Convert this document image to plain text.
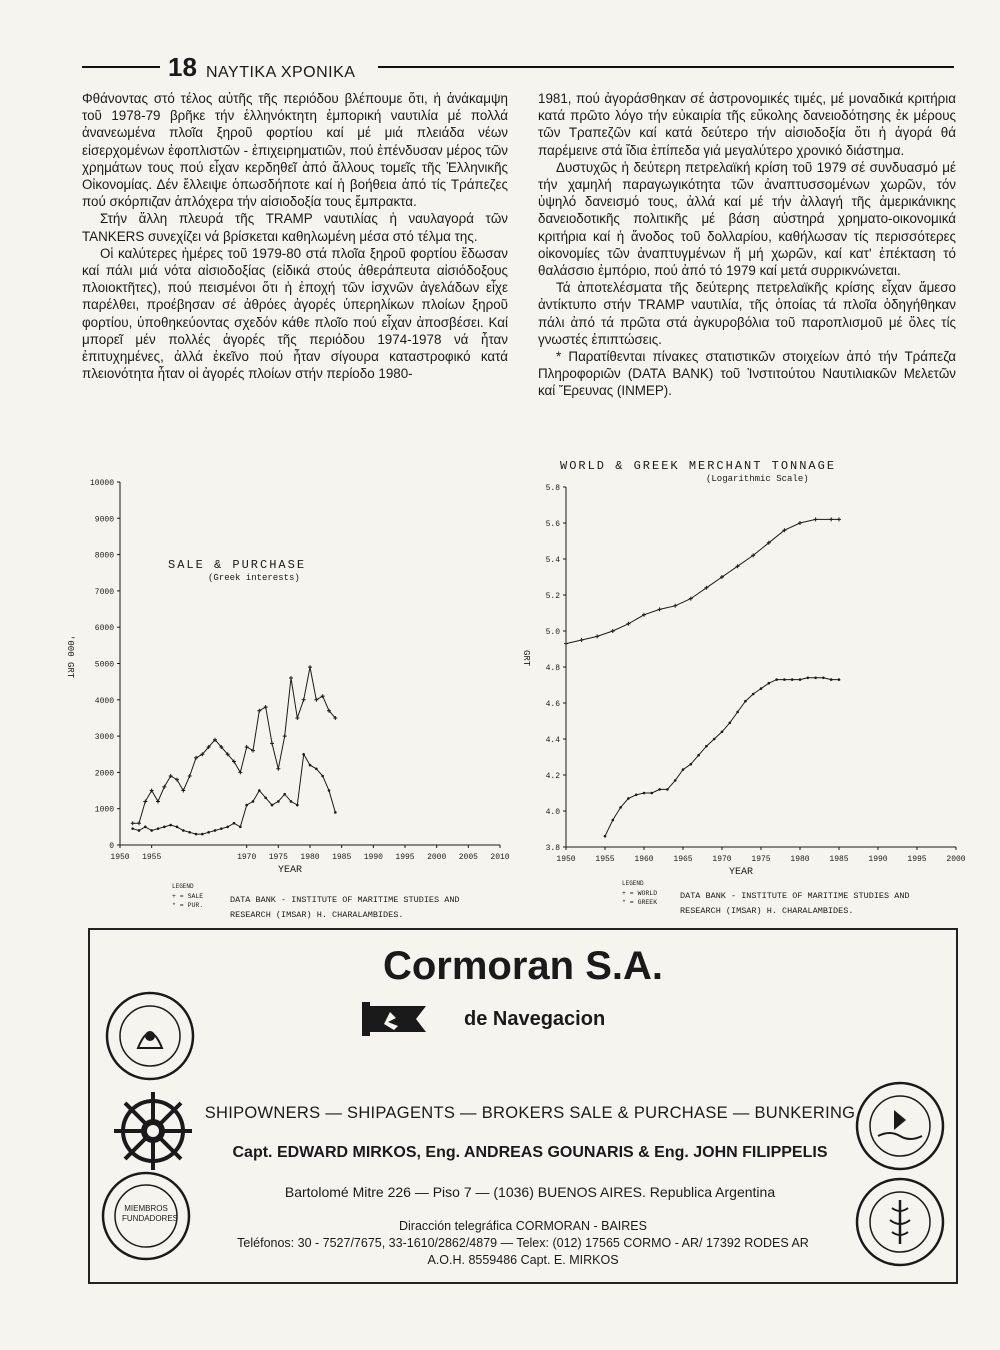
18 ΝΑΥΤΙΚΑ ΧΡΟΝΙΚΑ

Φθάνοντας στό τέλος αὐτῆς τῆς περιόδου βλέπουμε ὅτι, ἡ ἀνάκαμψη τοῦ 1978-79 βρῆκε τήν ἑλληνόκτητη ἐμπορική ναυτιλία μέ πολλά ἀνανεωμένα πλοῖα ξηροῦ φορτίου καί μέ μιά πλειάδα νέων εἰσερχομένων ἐφοπλιστῶν - ἐπιχειρηματιῶν, πού ἐπένδυσαν μέρος τῶν χρημάτων τους πού εἶχαν κερδηθεῖ ἀπό ἄλλους τομεῖς τῆς Ἑλληνικῆς Οἰκονομίας. Δέν ἔλλειψε ὁπωσδήποτε καί ἡ βοήθεια ἀπό τίς Τράπεζες πού σκόρπιζαν ἁπλόχερα τήν αἰσιοδοξία τους ἔμπρακτα.

Στήν ἄλλη πλευρά τῆς TRAMP ναυτιλίας ἡ ναυλαγορά τῶν TANKERS συνεχίζει νά βρίσκεται καθηλωμένη μέσα στό τέλμα της.

Οἱ καλύτερες ἡμέρες τοῦ 1979-80 στά πλοῖα ξηροῦ φορτίου ἔδωσαν καί πάλι μιά νότα αἰσιοδοξίας (εἰδικά στούς ἀθεράπευτα αἰσιόδοξους πλοιοκτῆτες), πού πεισμένοι ὅτι ἡ ἐποχή τῶν ἰσχνῶν ἀγελάδων εἶχε παρέλθει, προέβησαν σέ ἀθρόες ἀγορές ὑπερηλίκων πλοίων ξηροῦ φορτίου, ὑποθηκεύοντας σχεδόν κάθε πλοῖο πού εἶχαν ἀποσβέσει. Καί μπορεῖ μέν πολλές ἀγορές τῆς περιόδου 1974-1978 νά ἦταν ἐπιτυχημένες, ἀλλά ἐκεῖνο πού ἦταν σίγουρα καταστροφικό κατά πλειονότητα ἦταν οἱ ἀγορές πλοίων στήν περίοδο 1980-

1981, πού ἀγοράσθηκαν σέ ἀστρονομικές τιμές, μέ μοναδικά κριτήρια κατά πρῶτο λόγο τήν εὐκαιρία τῆς εὔκολης δανειοδότησης ἐκ μέρους τῶν Τραπεζῶν καί κατά δεύτερο τήν αἰσιοδοξία ὅτι ἡ ἀγορά θά παρέμεινε στά ἴδια ἐπίπεδα γιά μεγαλύτερο χρονικό διάστημα.

Δυστυχῶς ἡ δεύτερη πετρελαϊκή κρίση τοῦ 1979 σέ συνδυασμό μέ τήν χαμηλή παραγωγικότητα τῶν ἀναπτυσσομένων χωρῶν, τόν ὑψηλό δανεισμό τους, ἀλλά καί μέ τήν ἀλλαγή τῆς ἀμερικάνικης δανειοδοτικῆς πολιτικῆς μέ βάση αὐστηρά χρηματο-οικονομικά κριτήρια καί ἡ ἄνοδος τοῦ δολλαρίου, καθήλωσαν τίς περισσότερες οἰκονομίες τῶν ἀναπτυγμένων ἤ μή χωρῶν, καί κατ' ἐπέκταση τό θαλάσσιο ἐμπόριο, πού ἀπό τό 1979 καί μετά συρρικνώνεται.

Τά ἀποτελέσματα τῆς δεύτερης πετρελαϊκῆς κρίσης εἶχαν ἄμεσο ἀντίκτυπο στήν TRAMP ναυτιλία, τῆς ὁποίας τά πλοῖα ὁδηγήθηκαν πάλι ἀπό τά πρῶτα στά ἀγκυροβόλια τοῦ παροπλισμοῦ μέ ὅλες τίς γνωστές ἐπιπτώσεις.

* Παρατίθενται πίνακες στατιστικῶν στοιχείων ἀπό τήν Τράπεζα Πληροφοριῶν (DATA BANK) τοῦ Ἰνστιτούτου Ναυτιλιακῶν Μελετῶν καί Ἔρευνας (INMEP).

SALE & PURCHASE
(Greek interests)
0
1000
2000
3000
4000
5000
6000
7000
8000
9000
10000
1950 1955	1970 1975 1980 1985 1990 1995 2000 2005 2010
YEAR
'000 GRT
LEGEND
+ = SALE
* = PUR.
DATA BANK - INSTITUTE OF MARITIME STUDIES AND
RESEARCH (IMSAR) H. CHARALAMBIDES.
WORLD & GREEK MERCHANT TONNAGE
(Logarithmic Scale)
3.8
4.0
4.2
4.4
4.6
4.8
5.0
5.2
5.4
5.6
5.8
1950 1955 1960 1965 1970 1975 1980 1985 1990 1995 2000
YEAR
GRT
LEGEND
+ = WORLD
* = GREEK
DATA BANK - INSTITUTE OF MARITIME STUDIES AND
RESEARCH (IMSAR) H. CHARALAMBIDES.
Cormoran S.A.
de Navegacion
MIEMBROS FUNDADORES
SHIPOWNERS — SHIPAGENTS — BROKERS SALE & PURCHASE — BUNKERING
Capt. EDWARD MIRKOS, Eng. ANDREAS GOUNARIS & Eng. JOHN FILIPPELIS
Bartolomé Mitre 226 — Piso 7 — (1036) BUENOS AIRES. Republica Argentina
Diracción telegráfica CORMORAN - BAIRES
Teléfonos: 30 - 7527/7675, 33-1610/2862/4879 — Telex: (012) 17565 CORMO - AR/ 17392 RODES AR
A.O.H. 8559486 Capt. E. MIRKOS
